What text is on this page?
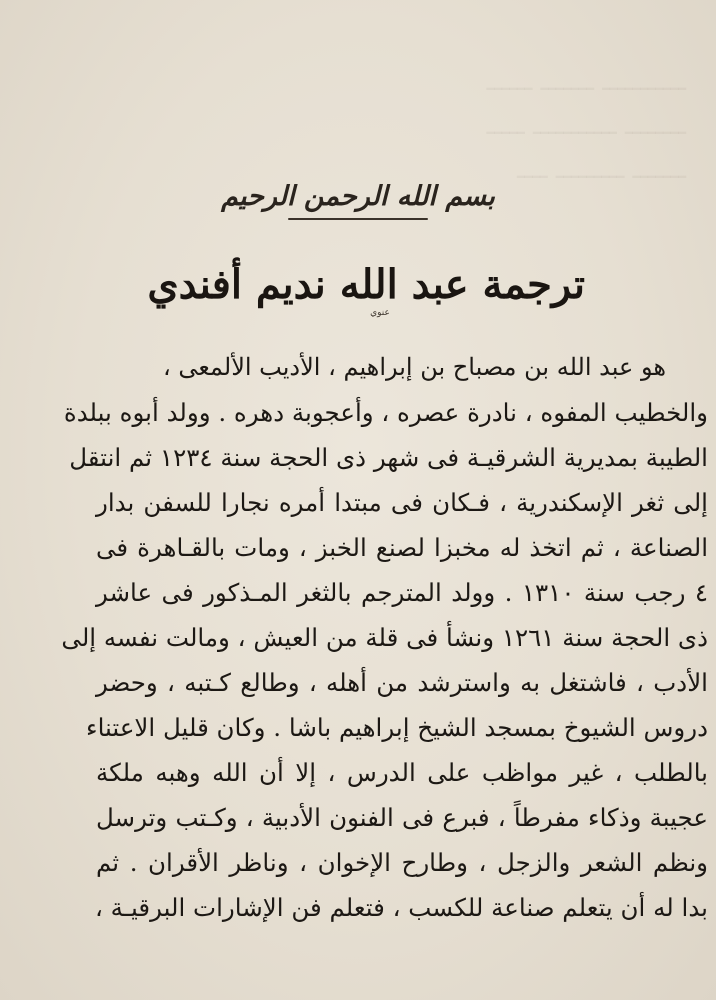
ـــــــــــ ـــــــ ــــــ
ــــــــ ـــــــــــ ـــــ
ـــــــ ـــــــــ ــــ
بسم الله الرحمن الرحيم
ترجمة عبد الله نديم أفندي
عنوي
هو عبد الله بن مصباح بن إبراهيم ، الأديب الألمعى ،
والخطيب المفوه ، نادرة عصره ، وأعجوبة دهره . وولد أبوه ببلدة
الطيبة بمديرية الشرقيـة فى شهر ذى الحجة سنة ١٢٣٤ ثم انتقل
إلى ثغر الإسكندرية ، فـكان فى مبتدا أمره نجارا للسفن بدار
الصناعة ، ثم اتخذ له مخبزا لصنع الخبز ، ومات بالقـاهرة فى
٤ رجب سنة ١٣١٠ . وولد المترجم بالثغر المـذكور فى عاشر
ذى الحجة سنة ١٢٦١ ونشأ فى قلة من العيش ، ومالت نفسه إلى
الأدب ، فاشتغل به واسترشد من أهله ، وطالع كـتبه ، وحضر
دروس الشيوخ بمسجد الشيخ إبراهيم باشا . وكان قليل الاعتناء
بالطلب ، غير مواظب على الدرس ، إلا أن الله وهبه ملكة
عجيبة وذكاء مفرطاً ، فبرع فى الفنون الأدبية ، وكـتب وترسل
ونظم الشعر والزجل ، وطارح الإخوان ، وناظر الأقران . ثم
بدا له أن يتعلم صناعة للكسب ، فتعلم فن الإشارات البرقيـة ،
